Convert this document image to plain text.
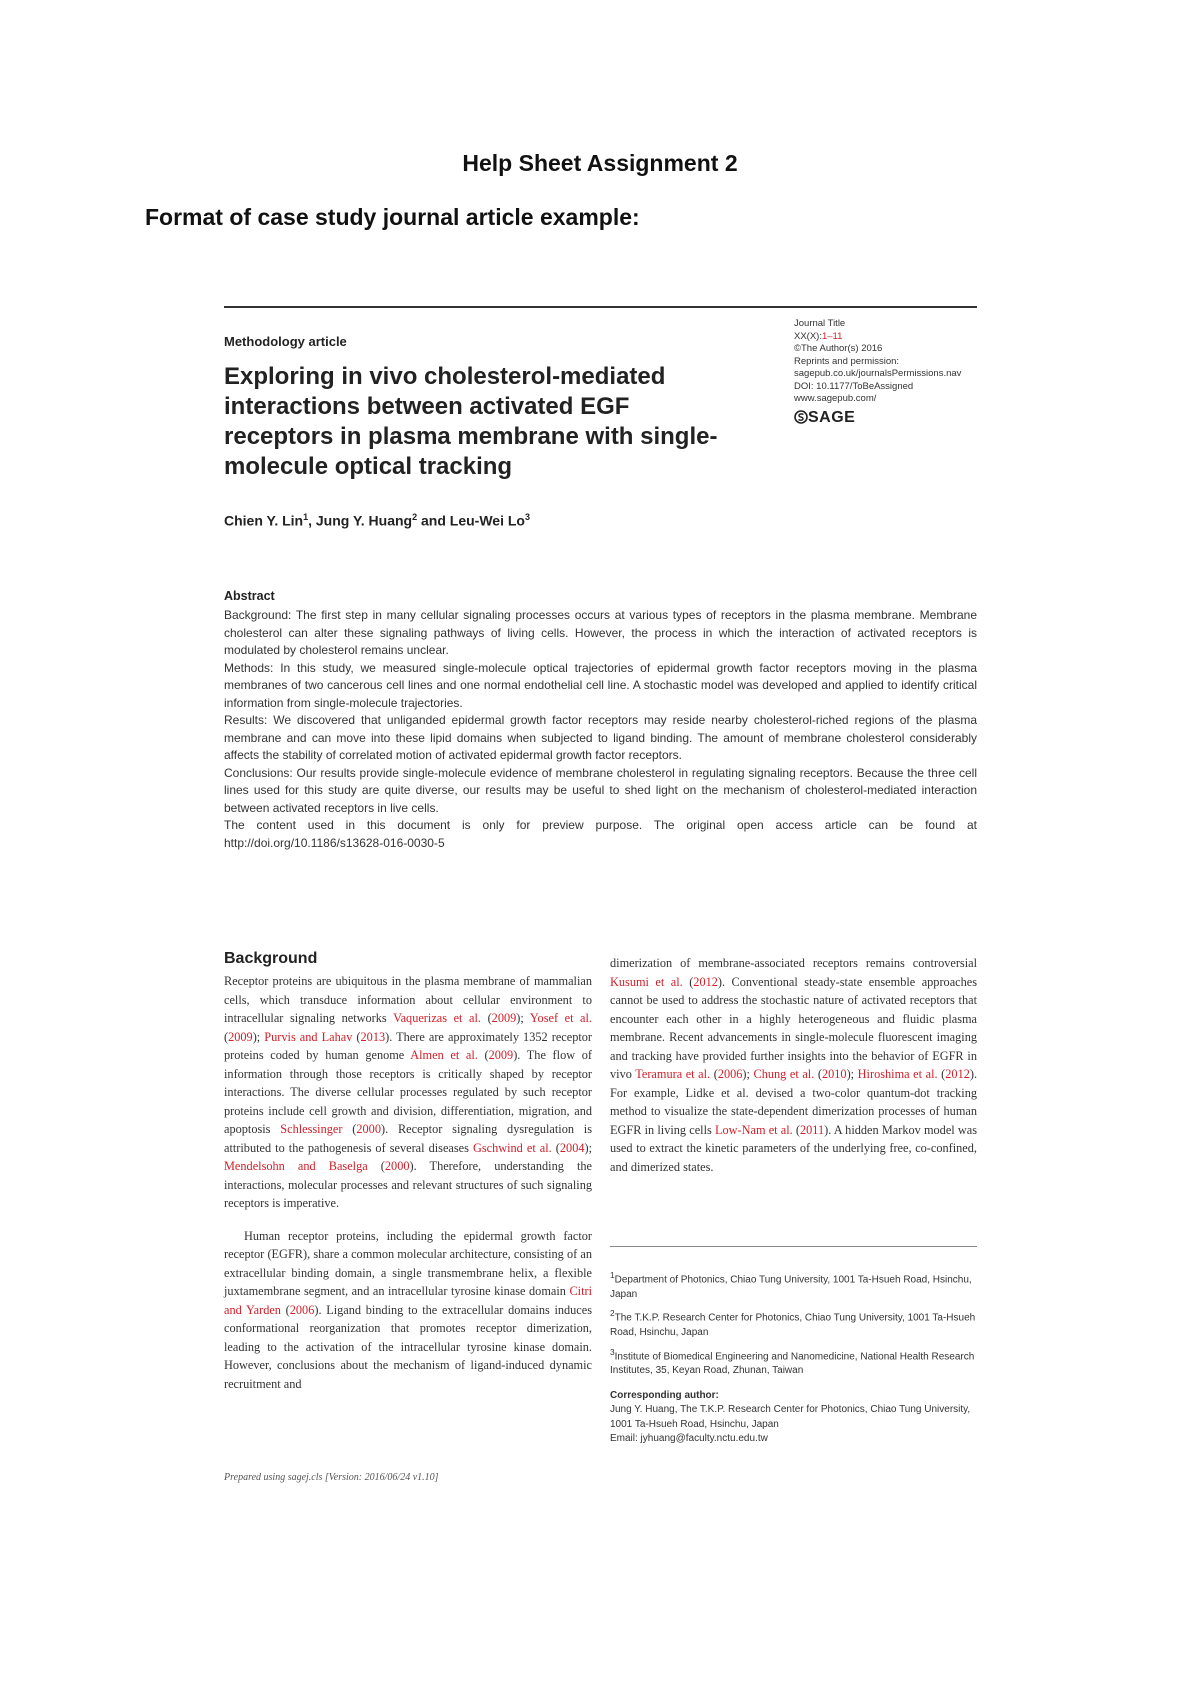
Help Sheet Assignment 2
Format of case study journal article example:
Methodology article
Exploring in vivo cholesterol-mediated interactions between activated EGF receptors in plasma membrane with single-molecule optical tracking
Journal Title
XX(X):1–11
©The Author(s) 2016
Reprints and permission:
sagepub.co.uk/journalsPermissions.nav
DOI: 10.1177/ToBeAssigned
www.sagepub.com/
SAGE
Chien Y. Lin$^1$, Jung Y. Huang$^2$ and Leu-Wei Lo$^3$
Abstract

Background: The first step in many cellular signaling processes occurs at various types of receptors in the plasma membrane. Membrane cholesterol can alter these signaling pathways of living cells. However, the process in which the interaction of activated receptors is modulated by cholesterol remains unclear.

Methods: In this study, we measured single-molecule optical trajectories of epidermal growth factor receptors moving in the plasma membranes of two cancerous cell lines and one normal endothelial cell line. A stochastic model was developed and applied to identify critical information from single-molecule trajectories.

Results: We discovered that unliganded epidermal growth factor receptors may reside nearby cholesterol-riched regions of the plasma membrane and can move into these lipid domains when subjected to ligand binding. The amount of membrane cholesterol considerably affects the stability of correlated motion of activated epidermal growth factor receptors.

Conclusions: Our results provide single-molecule evidence of membrane cholesterol in regulating signaling receptors. Because the three cell lines used for this study are quite diverse, our results may be useful to shed light on the mechanism of cholesterol-mediated interaction between activated receptors in live cells.

The content used in this document is only for preview purpose. The original open access article can be found at http://doi.org/10.1186/s13628-016-0030-5

Background

Receptor proteins are ubiquitous in the plasma membrane of mammalian cells, which transduce information about cellular environment to intracellular signaling networks Vaquerizas et al. (2009); Yosef et al. (2009); Purvis and Lahav (2013). There are approximately 1352 receptor proteins coded by human genome Almen et al. (2009). The flow of information through those receptors is critically shaped by receptor interactions. The diverse cellular processes regulated by such receptor proteins include cell growth and division, differentiation, migration, and apoptosis Schlessinger (2000). Receptor signaling dysregulation is attributed to the pathogenesis of several diseases Gschwind et al. (2004); Mendelsohn and Baselga (2000). Therefore, understanding the interactions, molecular processes and relevant structures of such signaling receptors is imperative.

Human receptor proteins, including the epidermal growth factor receptor (EGFR), share a common molecular architecture, consisting of an extracellular binding domain, a single transmembrane helix, a flexible juxtamembrane segment, and an intracellular tyrosine kinase domain Citri and Yarden (2006). Ligand binding to the extracellular domains induces conformational reorganization that promotes receptor dimerization, leading to the activation of the intracellular tyrosine kinase domain. However, conclusions about the mechanism of ligand-induced dynamic recruitment and

dimerization of membrane-associated receptors remains controversial Kusumi et al. (2012). Conventional steady-state ensemble approaches cannot be used to address the stochastic nature of activated receptors that encounter each other in a highly heterogeneous and fluidic plasma membrane. Recent advancements in single-molecule fluorescent imaging and tracking have provided further insights into the behavior of EGFR in vivo Teramura et al. (2006); Chung et al. (2010); Hiroshima et al. (2012). For example, Lidke et al. devised a two-color quantum-dot tracking method to visualize the state-dependent dimerization processes of human EGFR in living cells Low-Nam et al. (2011). A hidden Markov model was used to extract the kinetic parameters of the underlying free, co-confined, and dimerized states.

$^1$Department of Photonics, Chiao Tung University, 1001 Ta-Hsueh Road, Hsinchu, Japan

$^2$The T.K.P. Research Center for Photonics, Chiao Tung University, 1001 Ta-Hsueh Road, Hsinchu, Japan

$^3$Institute of Biomedical Engineering and Nanomedicine, National Health Research Institutes, 35, Keyan Road, Zhunan, Taiwan

Corresponding author:

Jung Y. Huang, The T.K.P. Research Center for Photonics, Chiao Tung University, 1001 Ta-Hsueh Road, Hsinchu, Japan

Email: jyhuang@faculty.nctu.edu.tw

Prepared using sagej.cls [Version: 2016/06/24 v1.10]
